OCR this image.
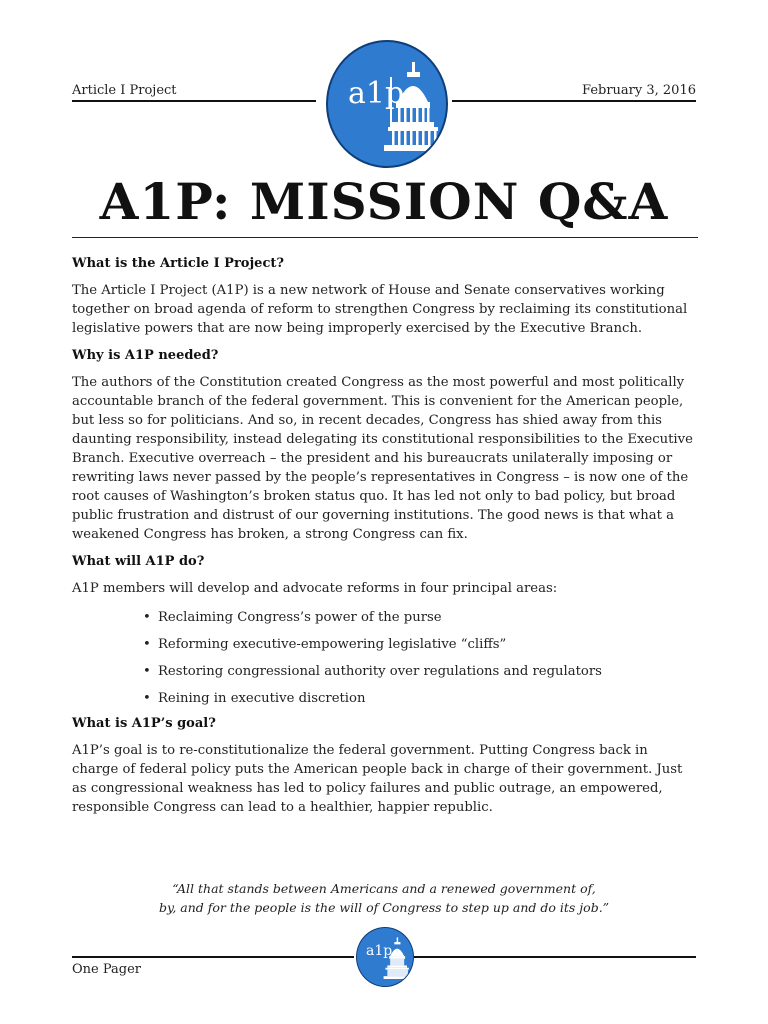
Article I Project	February 3, 2016
a1p
A1P: MISSION Q&A
What is the Article I Project?
The Article I Project (A1P) is a new network of House and Senate conservatives working together on broad agenda of reform to strengthen Congress by reclaiming its constitutional legislative powers that are now being improperly exercised by the Executive Branch.
Why is A1P needed?
The authors of the Constitution created Congress as the most powerful and most politically accountable branch of the federal government. This is convenient for the American people, but less so for politicians. And so, in recent decades, Congress has shied away from this daunting responsibility, instead delegating its constitutional responsibilities to the Executive Branch. Executive overreach – the president and his bureaucrats unilaterally imposing or rewriting laws never passed by the people’s representatives in Congress – is now one of the root causes of Washington’s broken status quo. It has led not only to bad policy, but broad public frustration and distrust of our governing institutions. The good news is that what a weakened Congress has broken, a strong Congress can fix.
What will A1P do?
A1P members will develop and advocate reforms in four principal areas:
• Reclaiming Congress’s power of the purse
• Reforming executive-empowering legislative “cliffs”
• Restoring congressional authority over regulations and regulators
• Reining in executive discretion
What is A1P’s goal?
A1P’s goal is to re-constitutionalize the federal government. Putting Congress back in charge of federal policy puts the American people back in charge of their government. Just as congressional weakness has led to policy failures and public outrage, an empowered, responsible Congress can lead to a healthier, happier republic.
“All that stands between Americans and a renewed government of,
by, and for the people is the will of Congress to step up and do its job.”
a1p
One Pager
